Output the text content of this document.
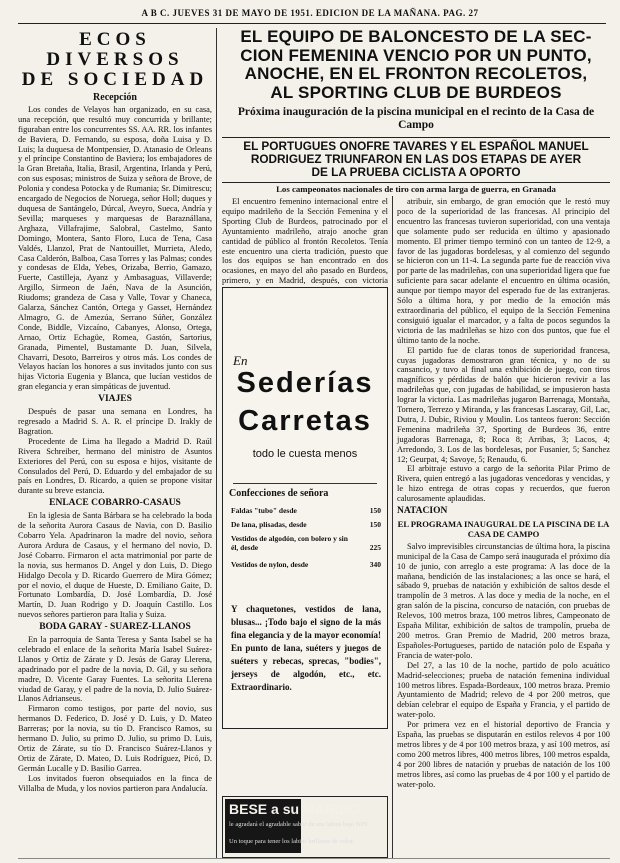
A B C. JUEVES 31 DE MAYO DE 1951. EDICION DE LA MAÑANA. PAG. 27
ECOS DIVERSOS
DE SOCIEDAD

Recepción

Los condes de Velayos han organizado, en su casa, una recepción, que resultó muy concurrida y brillante; figuraban entre los concurrentes SS. AA. RR. los infantes de Baviera, D. Fernando, su esposa, doña Luisa y D. Luis; la duquesa de Montpensier, D. Atanasio de Orleans y el príncipe Constantino de Baviera; los embajadores de la Gran Bretaña, Italia, Brasil, Argentina, Irlanda y Perú, con sus esposas; ministros de Suiza y señora de Brove, de Polonia y condesa Potocka y de Rumania; Sr. Dimitrescu; encargado de Negocios de Noruega, señor Holl; duques y duquesa de Santángelo, Dúrcal, Aveyro, Sueca, Andría y Sevilla; marqueses y marquesas de Baraznállana, Arghaza, Villafrajime, Salobral, Castelmo, Santo Domingo, Montera, Santo Floro, Luca de Tena, Casa Valdés, Llanzol, Prat de Nantouillet, Murrieta, Aledo, Casa Calderón, Balboa, Casa Torres y las Palmas; condes y condesas de Elda, Yebes, Orizaba, Berrio, Gamazo, Fuerte, Castilleja, Ayanz y Ambasaguas, Villaverde; Argillo, Sirmeon de Jaén, Nava de la Asunción, Riudoms; grandeza de Casa y Valle, Tovar y Chaneca, Galarza, Sánchez Cantón, Ortega y Gasset, Hernández Almagro, G. de Amezúa, Serrano Súñer, González Conde, Biddle, Vizcaíno, Cabanyes, Alonso, Ortega, Arnao, Ortiz Echagüe, Romea, Gastón, Sartorius, Granada, Pimentel, Bustamante D. Juan, Silvela, Chavarri, Desoto, Barreiros y otros más. Los condes de Velayos hacían los honores a sus invitados junto con sus hijas Victoria Eugenia y Blanca, que lucían vestidos de gran elegancia y eran simpáticas de juventud.

VIAJES

Después de pasar una semana en Londres, ha regresado a Madrid S. A. R. el príncipe D. Irakly de Bagration.

Procedente de Lima ha llegado a Madrid D. Raúl Rivera Schreiber, hermano del ministro de Asuntos Exteriores del Perú, con su esposa e hijos, visitante de Consulados del Perú, D. Eduardo y del embajador de su país en Londres, D. Ricardo, a quien se propone visitar durante su breve estancia.

ENLACE COBARRO-CASAUS

En la iglesia de Santa Bárbara se ha celebrado la boda de la señorita Aurora Casaus de Navia, con D. Basilio Cobarro Yela. Apadrinaron la madre del novio, señora Aurora Ardura de Casaus, y el hermano del novio, D. José Cobarro. Firmaron el acta matrimonial por parte de la novia, sus hermanos D. Angel y don Luis, D. Diego Hidalgo Decola y D. Ricardo Guerrero de Mira Gómez; por el novio, el duque de Hueste, D. Emiliano Gaite, D. Fortunato Lombardía, D. José Lombardía, D. José Martín, D. Juan Rodrigo y D. Joaquín Castillo. Los nuevos señores partieron para Italia y Suiza.

BODA GARAY - SUAREZ-LLANOS

En la parroquia de Santa Teresa y Santa Isabel se ha celebrado el enlace de la señorita María Isabel Suárez-Llanos y Ortiz de Zárate y D. Jesús de Garay Llerena, apadrinado por el padre de la novia, D. Gil, y su señora madre, D. Vicente Garay Fuentes. La señorita Llerena viudad de Garay, y el padre de la novia, D. Julio Suárez-Llanos Adrianseus.

Firmaron como testigos, por parte del novio, sus hermanos D. Federico, D. José y D. Luis, y D. Mateo Barreras; por la novia, su tío D. Francisco Ramos, su hermano D. Julio, su primo D. Julio, su primo D. Luis, Ortiz de Zárate, su tío D. Francisco Suárez-Llanos y Ortiz de Zárate, D. Mateo, D. Luis Rodríguez, Picó, D. Germán Lucalle y D. Basilio Garrea.

Los invitados fueron obsequiados en la finca de Villalba de Muda, y los novios partieron para Andalucía.

EL EQUIPO DE BALONCESTO DE LA SEC-
CION FEMENINA VENCIO POR UN PUNTO,
ANOCHE, EN EL FRONTON RECOLETOS,
AL SPORTING CLUB DE BURDEOS
Próxima inauguración de la piscina municipal en el recinto de la Casa de Campo
EL PORTUGUES ONOFRE TAVARES Y EL ESPAÑOL MANUEL
RODRIGUEZ TRIUNFARON EN LAS DOS ETAPAS DE AYER
DE LA PRUEBA CICLISTA A OPORTO
Los campeonatos nacionales de tiro con arma larga de guerra, en Granada

El encuentro femenino internacional entre el equipo madrileño de la Sección Femenina y el Sporting Club de Burdeos, patrocinado por el Ayuntamiento madrileño, atrajo anoche gran cantidad de público al frontón Recoletos. Tenía este encuentro una cierta tradición, puesto que los dos equipos se han encontrado en dos ocasiones, en mayo del año pasado en Burdeos, primero, y en Madrid, después, con victoria

atribuir, sin embargo, de gran emoción que le restó muy poco de la superioridad de las francesas. Al principio del encuentro las francesas tuvieron superioridad, con una ventaja que solamente pudo ser reducida en último y apasionado momento. El primer tiempo terminó con un tanteo de 12-9, a favor de las jugadoras bordelesas, y al comienzo del segundo se hicieron con un 11-4. La segunda parte fue de reacción viva por parte de las madrileñas, con una superioridad ligera que fue suficiente para sacar adelante el encuentro en última ocasión, aunque por tiempo mayor del esperado fue de las extranjeras. Sólo a última hora, y por medio de la emoción más extraordinaria del público, el equipo de la Sección Femenina consiguió igualar el marcador, y a falta de pocos segundos la victoria de las madrileñas se hizo con dos puntos, que fue el último tanto de la noche.

El partido fue de claras tonos de superioridad francesa, cuyas jugadoras demostraron gran técnica, y no de su cansancio, y tuvo al final una exhibición de juego, con tiros magníficos y pérdidas de balón que hicieron revivir a las madrileñas que, con jugadas de habilidad, se impusieron hasta lograr la victoria. Las madrileñas jugaron Barrenaga, Montaña, Tornero, Terrezo y Miranda, y las francesas Lascaray, Gil, Lac, Dutra, J. Dubic, Riviou y Moulin. Los tanteos fueron: Sección Femenina madrileña 37, Sporting de Burdeos 36, entre jugadoras Barrenaga, 8; Roca 8; Arribas, 3; Lacos, 4; Arredondo, 3. Los de las bordelesas, por Fusanier, 5; Sanchez 12; Geurpat, 4; Savoye, 5; Renaudu, 6.

El arbitraje estuvo a cargo de la señorita Pilar Primo de Rivera, quien entregó a las jugadoras vencedoras y vencidas, y le hizo entrega de otras copas y recuerdos, que fueron calurosamente aplaudidas.

NATACION

EL PROGRAMA INAUGURAL DE LA PISCINA DE LA CASA DE CAMPO

Salvo imprevisibles circunstancias de última hora, la piscina municipal de la Casa de Campo será inaugurada el próximo día 10 de junio, con arreglo a este programa: A las doce de la mañana, bendición de las instalaciones; a las once se hará, el sábado 9, pruebas de natación y exhibición de saltos desde el trampolín de 3 metros. A las doce y media de la noche, en el gran salón de la piscina, concurso de natación, con pruebas de Relevos, 100 metros braza, 100 metros libres, Campeonato de España Militar, exhibición de saltos de trampolín, prueba de 200 metros. Gran Premio de Madrid, 200 metros braza, Españoles-Portugueses, partido de natación polo de España y Francia de water-polo.

Del 27, a las 10 de la noche, partido de polo acuático Madrid-selecciones; prueba de natación femenina individual 100 metros libres. Espada-Bordeaux, 100 metros braza. Premio Ayuntamiento de Madrid; relevo de 4 por 200 metros, que debían celebrar el equipo de España y Francia, y el partido de water-polo.

Por primera vez en el historial deportivo de Francia y España, las pruebas se disputarán en estilos relevos 4 por 100 metros libres y de 4 por 100 metros braza, y así 100 metros, así como 200 metros libres, 400 metros libres, 100 metros espalda, 4 por 200 libres de natación y pruebas de natación de los 100 metros libres, así como las pruebas de 4 por 100 y el partido de water-polo.

En
Sederías
Carretas
todo le cuesta menos
Confecciones de señora
Faldas "tubo" desde	150
De lana, plisadas, desde	150
Vestidos de algodón, con bolero y sin él, desde	225
Vestidos de nylon, desde	340
Y chaquetones, vestidos de lana, blusas... ¡Todo bajo el signo de la más fina elegancia y de la mayor economía! En punto de lana, suéters y juegos de suéters y rebecas, sprecas, "bodies", jerseys de algodón, etc., etc. Extraordinario.
BESE a su MARIDO
le agradará el agradable sabor de sus labios bajo NIN.
Un toque para tener los labios brillante de color.
